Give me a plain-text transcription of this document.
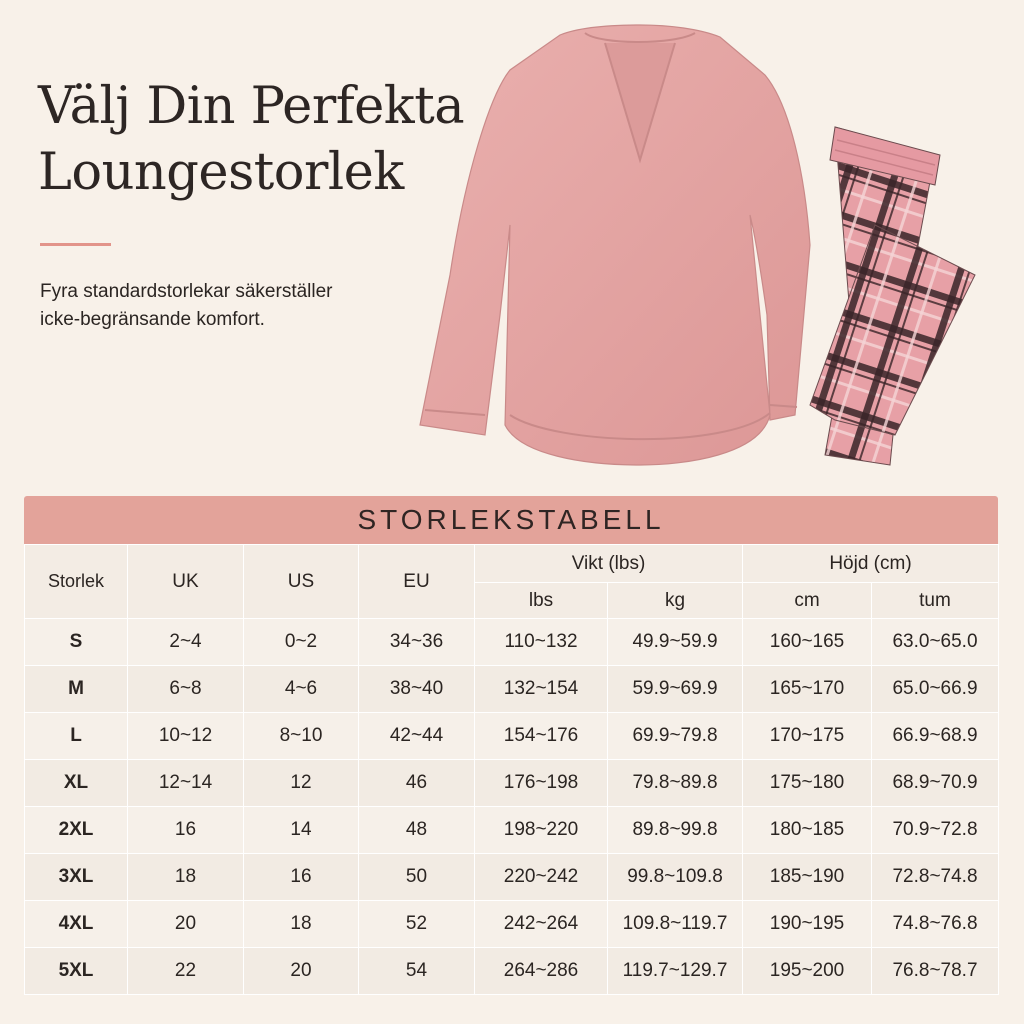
Välj Din Perfekta
Loungestorlek

Fyra standardstorlekar säkerställer
icke-begränsande komfort.

STORLEKSTABELL
Storlek	UK	US	EU	Vikt (lbs)		Höjd (cm)	
				lbs	kg	cm	tum
S	2~4	0~2	34~36	110~132	49.9~59.9	160~165	63.0~65.0
M	6~8	4~6	38~40	132~154	59.9~69.9	165~170	65.0~66.9
L	10~12	8~10	42~44	154~176	69.9~79.8	170~175	66.9~68.9
XL	12~14	12	46	176~198	79.8~89.8	175~180	68.9~70.9
2XL	16	14	48	198~220	89.8~99.8	180~185	70.9~72.8
3XL	18	16	50	220~242	99.8~109.8	185~190	72.8~74.8
4XL	20	18	52	242~264	109.8~119.7	190~195	74.8~76.8
5XL	22	20	54	264~286	119.7~129.7	195~200	76.8~78.7
